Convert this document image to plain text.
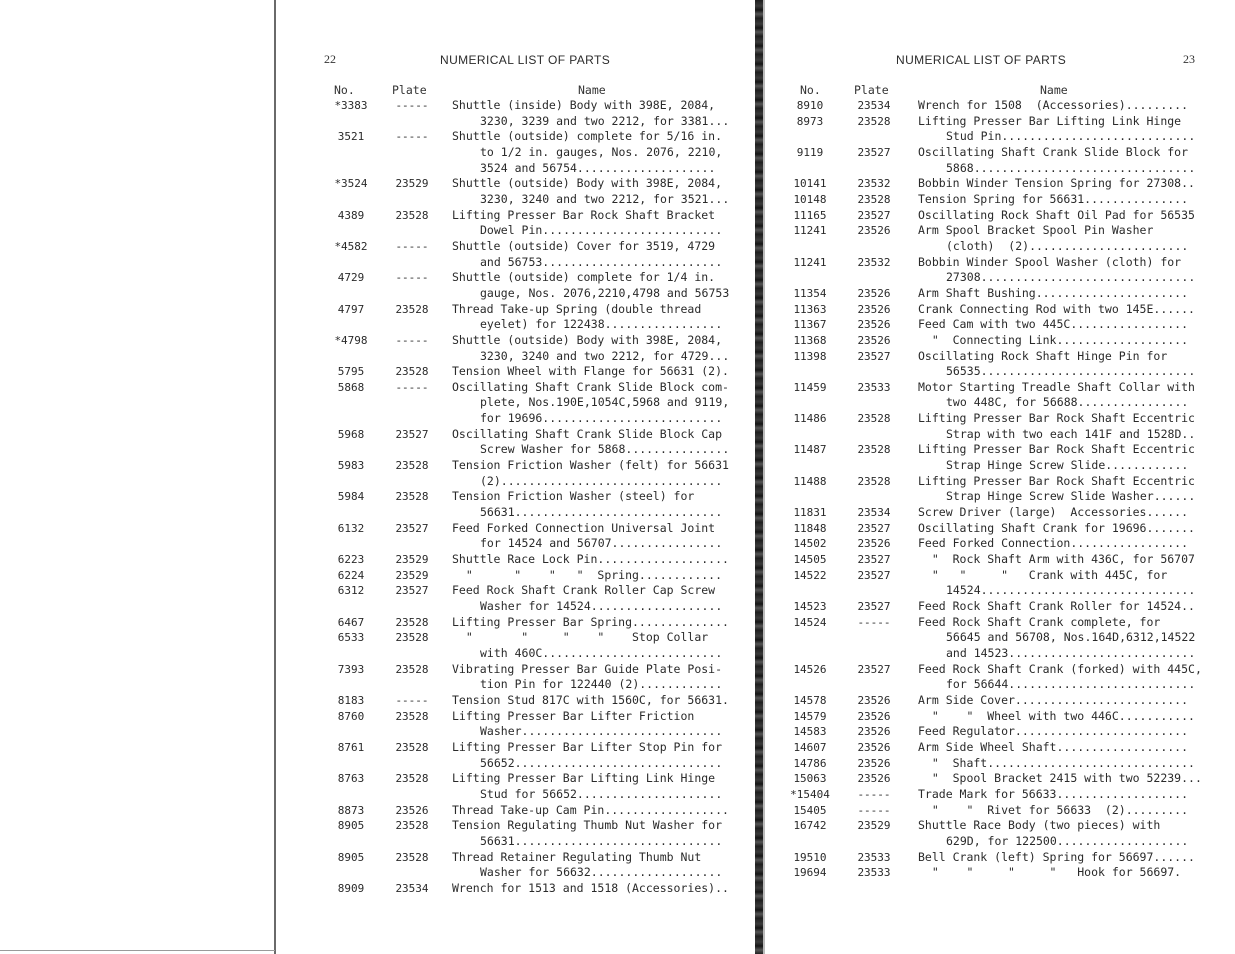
22	NUMERICAL LIST OF PARTS
No.	Plate	Name
*3383	-----	Shuttle (inside) Body with 398E, 2084,
3230, 3239 and two 2212, for 3381...
3521	-----	Shuttle (outside) complete for 5/16 in.
to 1/2 in. gauges, Nos. 2076, 2210,
3524 and 56754....................
*3524	23529	Shuttle (outside) Body with 398E, 2084,
3230, 3240 and two 2212, for 3521...
4389	23528	Lifting Presser Bar Rock Shaft Bracket
Dowel Pin..........................
*4582	-----	Shuttle (outside) Cover for 3519, 4729
and 56753..........................
4729	-----	Shuttle (outside) complete for 1/4 in.
gauge, Nos. 2076,2210,4798 and 56753
4797	23528	Thread Take-up Spring (double thread
eyelet) for 122438.................
*4798	-----	Shuttle (outside) Body with 398E, 2084,
3230, 3240 and two 2212, for 4729...
5795	23528	Tension Wheel with Flange for 56631 (2).
5868	-----	Oscillating Shaft Crank Slide Block com-
plete, Nos.190E,1054C,5968 and 9119,
for 19696..........................
5968	23527	Oscillating Shaft Crank Slide Block Cap
Screw Washer for 5868...............
5983	23528	Tension Friction Washer (felt) for 56631
(2)................................
5984	23528	Tension Friction Washer (steel) for
56631..............................
6132	23527	Feed Forked Connection Universal Joint
for 14524 and 56707................
6223	23529	Shuttle Race Lock Pin...................
6224	23529	"      "    "   "  Spring............
6312	23527	Feed Rock Shaft Crank Roller Cap Screw
Washer for 14524...................
6467	23528	Lifting Presser Bar Spring..............
6533	23528	"       "     "    "    Stop Collar
with 460C..........................
7393	23528	Vibrating Presser Bar Guide Plate Posi-
tion Pin for 122440 (2)............
8183	-----	Tension Stud 817C with 1560C, for 56631.
8760	23528	Lifting Presser Bar Lifter Friction
Washer.............................
8761	23528	Lifting Presser Bar Lifter Stop Pin for
56652..............................
8763	23528	Lifting Presser Bar Lifting Link Hinge
Stud for 56652.....................
8873	23526	Thread Take-up Cam Pin..................
8905	23528	Tension Regulating Thumb Nut Washer for
56631..............................
8905	23528	Thread Retainer Regulating Thumb Nut
Washer for 56632...................
8909	23534	Wrench for 1513 and 1518 (Accessories)..
NUMERICAL LIST OF PARTS	23
No.	Plate	Name
8910	23534	Wrench for 1508  (Accessories).........
8973	23528	Lifting Presser Bar Lifting Link Hinge
Stud Pin............................
9119	23527	Oscillating Shaft Crank Slide Block for
5868................................
10141	23532	Bobbin Winder Tension Spring for 27308..
10148	23528	Tension Spring for 56631...............
11165	23527	Oscillating Rock Shaft Oil Pad for 56535
11241	23526	Arm Spool Bracket Spool Pin Washer
(cloth)  (2).......................
11241	23532	Bobbin Winder Spool Washer (cloth) for
27308...............................
11354	23526	Arm Shaft Bushing......................
11363	23526	Crank Connecting Rod with two 145E......
11367	23526	Feed Cam with two 445C.................
11368	23526	"  Connecting Link...................
11398	23527	Oscillating Rock Shaft Hinge Pin for
56535...............................
11459	23533	Motor Starting Treadle Shaft Collar with
two 448C, for 56688................
11486	23528	Lifting Presser Bar Rock Shaft Eccentric
Strap with two each 141F and 1528D..
11487	23528	Lifting Presser Bar Rock Shaft Eccentric
Strap Hinge Screw Slide............
11488	23528	Lifting Presser Bar Rock Shaft Eccentric
Strap Hinge Screw Slide Washer......
11831	23534	Screw Driver (large)  Accessories......
11848	23527	Oscillating Shaft Crank for 19696.......
14502	23526	Feed Forked Connection.................
14505	23527	"  Rock Shaft Arm with 436C, for 56707
14522	23527	"   "     "   Crank with 445C, for
14524...............................
14523	23527	Feed Rock Shaft Crank Roller for 14524..
14524	-----	Feed Rock Shaft Crank complete, for
56645 and 56708, Nos.164D,6312,14522
and 14523...........................
14526	23527	Feed Rock Shaft Crank (forked) with 445C,
for 56644...........................
14578	23526	Arm Side Cover.........................
14579	23526	"    "  Wheel with two 446C...........
14583	23526	Feed Regulator.........................
14607	23526	Arm Side Wheel Shaft...................
14786	23526	"  Shaft..............................
15063	23526	"  Spool Bracket 2415 with two 52239...
*15404	-----	Trade Mark for 56633...................
15405	-----	"    "  Rivet for 56633  (2).........
16742	23529	Shuttle Race Body (two pieces) with
629D, for 122500...................
19510	23533	Bell Crank (left) Spring for 56697......
19694	23533	"    "     "     "   Hook for 56697.
